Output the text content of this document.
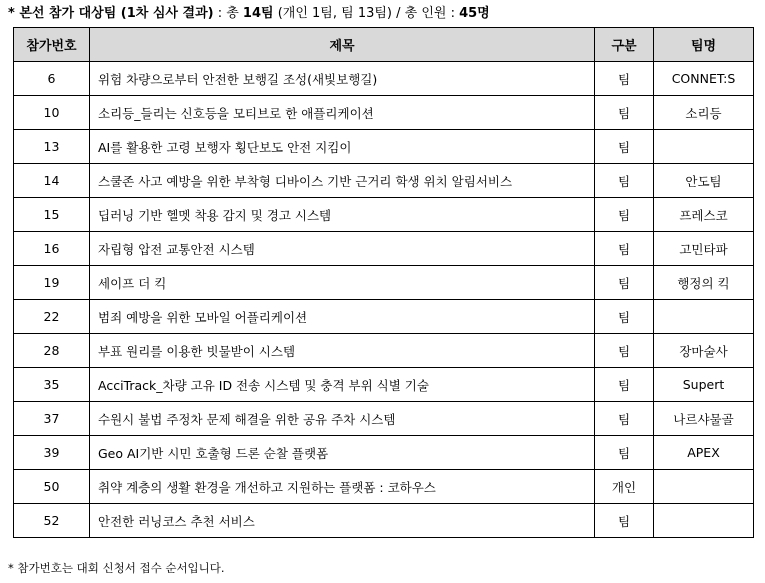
* 본선 참가 대상팀 (1차 심사 결과) : 총 14팀 (개인 1팀, 팀 13팀) / 총 인원 : 45명
참가번호	제목	구분	팀명
6	위험 차량으로부터 안전한 보행길 조성(새빛보행길)	팀	CONNET:S
10	소리등_들리는 신호등을 모티브로 한 애플리케이션	팀	소리등
13	AI를 활용한 고령 보행자 횡단보도 안전 지킴이	팀	
14	스쿨존 사고 예방을 위한 부착형 디바이스 기반 근거리 학생 위치 알림서비스	팀	안도팀
15	딥러닝 기반 헬멧 착용 감지 및 경고 시스템	팀	프레스코
16	자립형 압전 교통안전 시스템	팀	고민타파
19	세이프 더 킥	팀	행정의 킥
22	범죄 예방을 위한 모바일 어플리케이션	팀	
28	부표 원리를 이용한 빗물받이 시스템	팀	장마술사
35	AcciTrack_차량 고유 ID 전송 시스템 및 충격 부위 식별 기술	팀	Supert
37	수원시 불법 주정차 문제 해결을 위한 공유 주차 시스템	팀	나르샤물골
39	Geo AI기반 시민 호출형 드론 순찰 플랫폼	팀	APEX
50	취약 계층의 생활 환경을 개선하고 지원하는 플랫폼 : 코하우스	개인	
52	안전한 러닝코스 추천 서비스	팀	
* 참가번호는 대회 신청서 접수 순서입니다.
